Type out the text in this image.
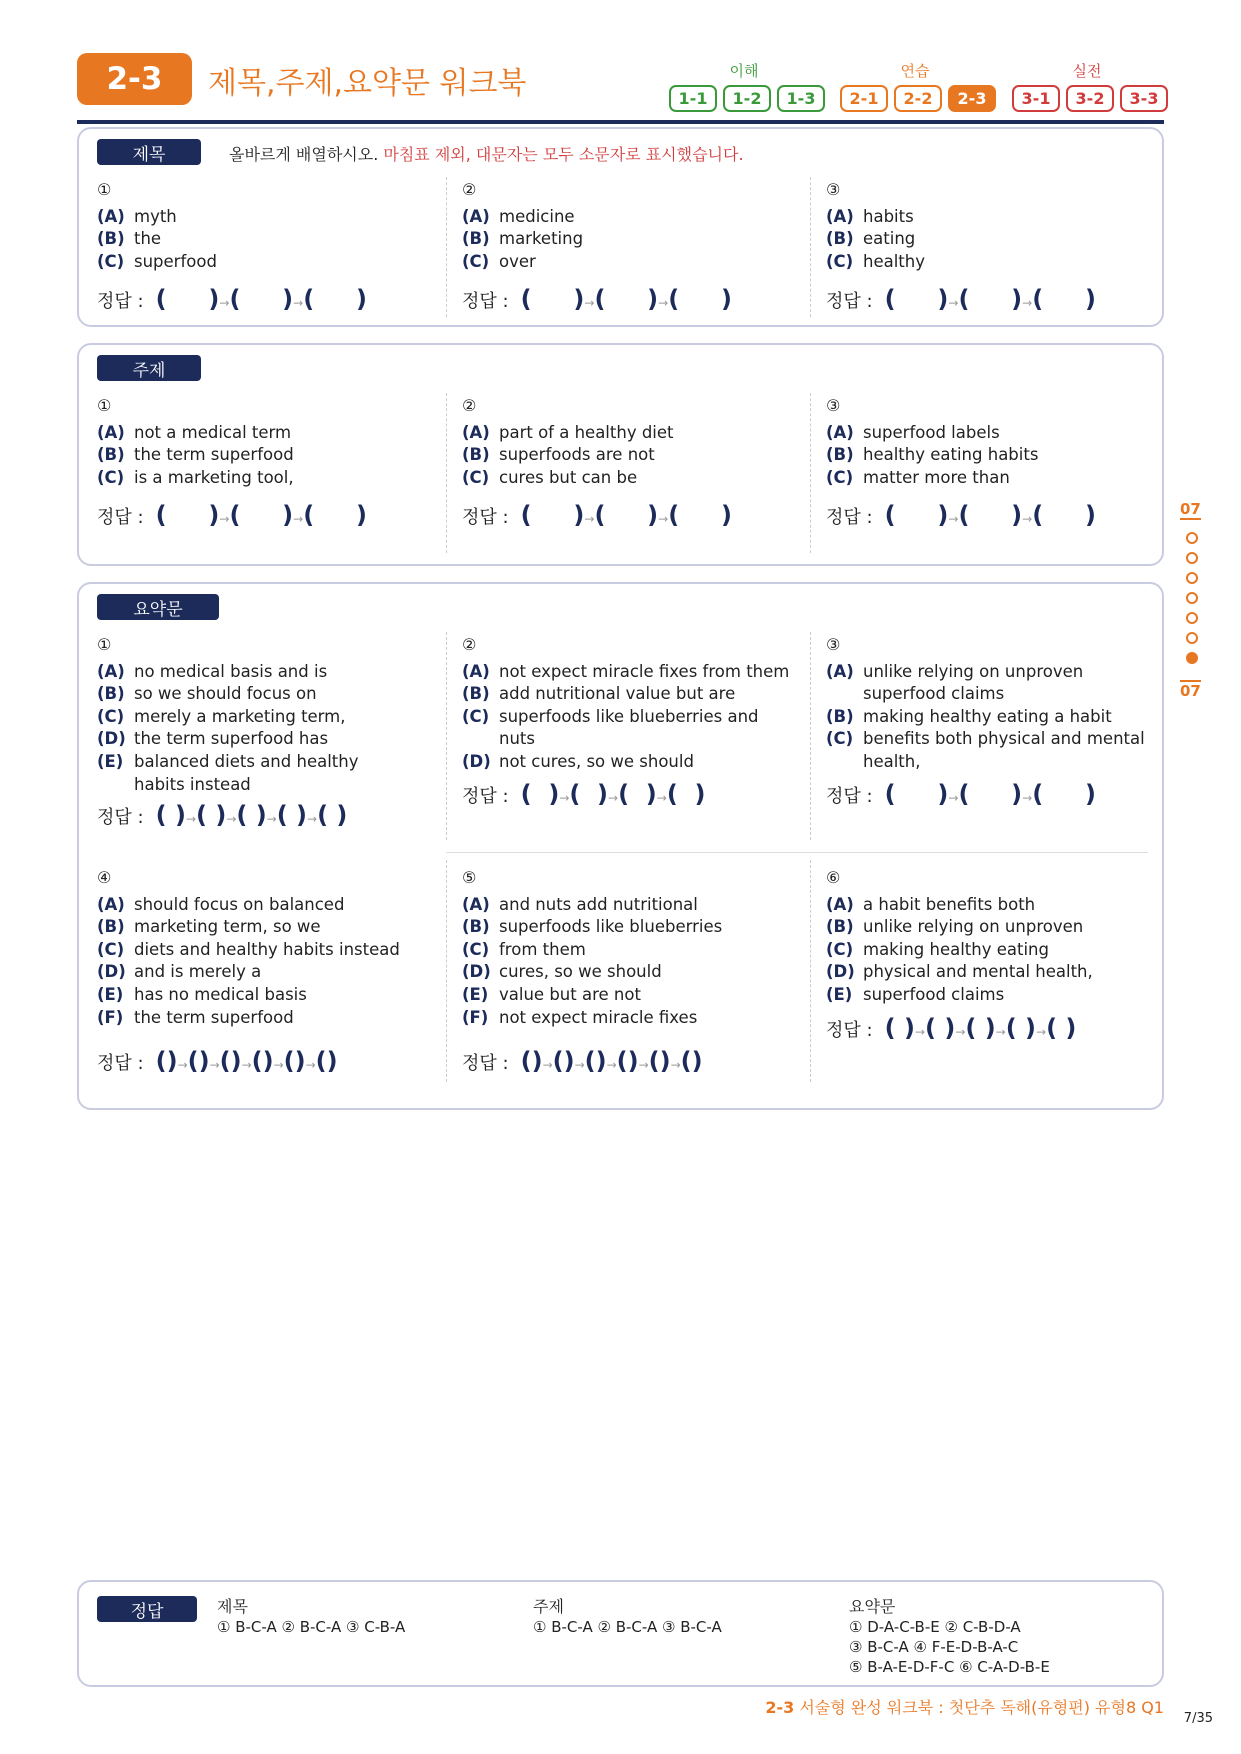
2-3	제목,주제,요약문 워크북	이해	연습	실전
1-1	1-2	1-3	2-1	2-2	2-3	3-1	3-2	3-3
제목	올바르게 배열하시오. 마침표 제외, 대문자는 모두 소문자로 표시했습니다.
①
(A) myth
(B) the
(C) superfood
②
(A) medicine
(B) marketing
(C) over
③
(A) habits
(B) eating
(C) healthy
정답 : (     )→(     )→(     )	정답 : (     )→(     )→(     )	정답 : (     )→(     )→(     )
주제
①
(A) not a medical term
(B) the term superfood
(C) is a marketing tool,
②
(A) part of a healthy diet
(B) superfoods are not
(C) cures but can be
③
(A) superfood labels
(B) healthy eating habits
(C) matter more than
정답 : (     )→(     )→(     )	정답 : (     )→(     )→(     )	정답 : (     )→(     )→(     )
요약문
①
(A) no medical basis and is
(B) so we should focus on
(C) merely a marketing term,
(D) the term superfood has
(E) balanced diets and healthy habits instead
②
(A) not expect miracle fixes from them
(B) add nutritional value but are
(C) superfoods like blueberries and nuts
(D) not cures, so we should
③
(A) unlike relying on unproven superfood claims
(B) making healthy eating a habit
(C) benefits both physical and mental health,
정답 : ( )→( )→( )→( )→( )
정답 : (  )→(  )→(  )→(  )	정답 : (     )→(     )→(     )
④
(A) should focus on balanced
(B) marketing term, so we
(C) diets and healthy habits instead
(D) and is merely a
(E) has no medical basis
(F) the term superfood
⑤
(A) and nuts add nutritional
(B) superfoods like blueberries
(C) from them
(D) cures, so we should
(E) value but are not
(F) not expect miracle fixes
⑥
(A) a habit benefits both
(B) unlike relying on unproven
(C) making healthy eating
(D) physical and mental health,
(E) superfood claims
정답 : ()→()→()→()→()→()	정답 : ()→()→()→()→()→()
정답 : ( )→( )→( )→( )→( )
07
07
정답	제목
① B-C-A ② B-C-A ③ C-B-A
주제
① B-C-A ② B-C-A ③ B-C-A
요약문
① D-A-C-B-E ② C-B-D-A
③ B-C-A ④ F-E-D-B-A-C
⑤ B-A-E-D-F-C ⑥ C-A-D-B-E
2-3 서술형 완성 워크북 : 첫단추 독해(유형편) 유형8 Q1
7/35
